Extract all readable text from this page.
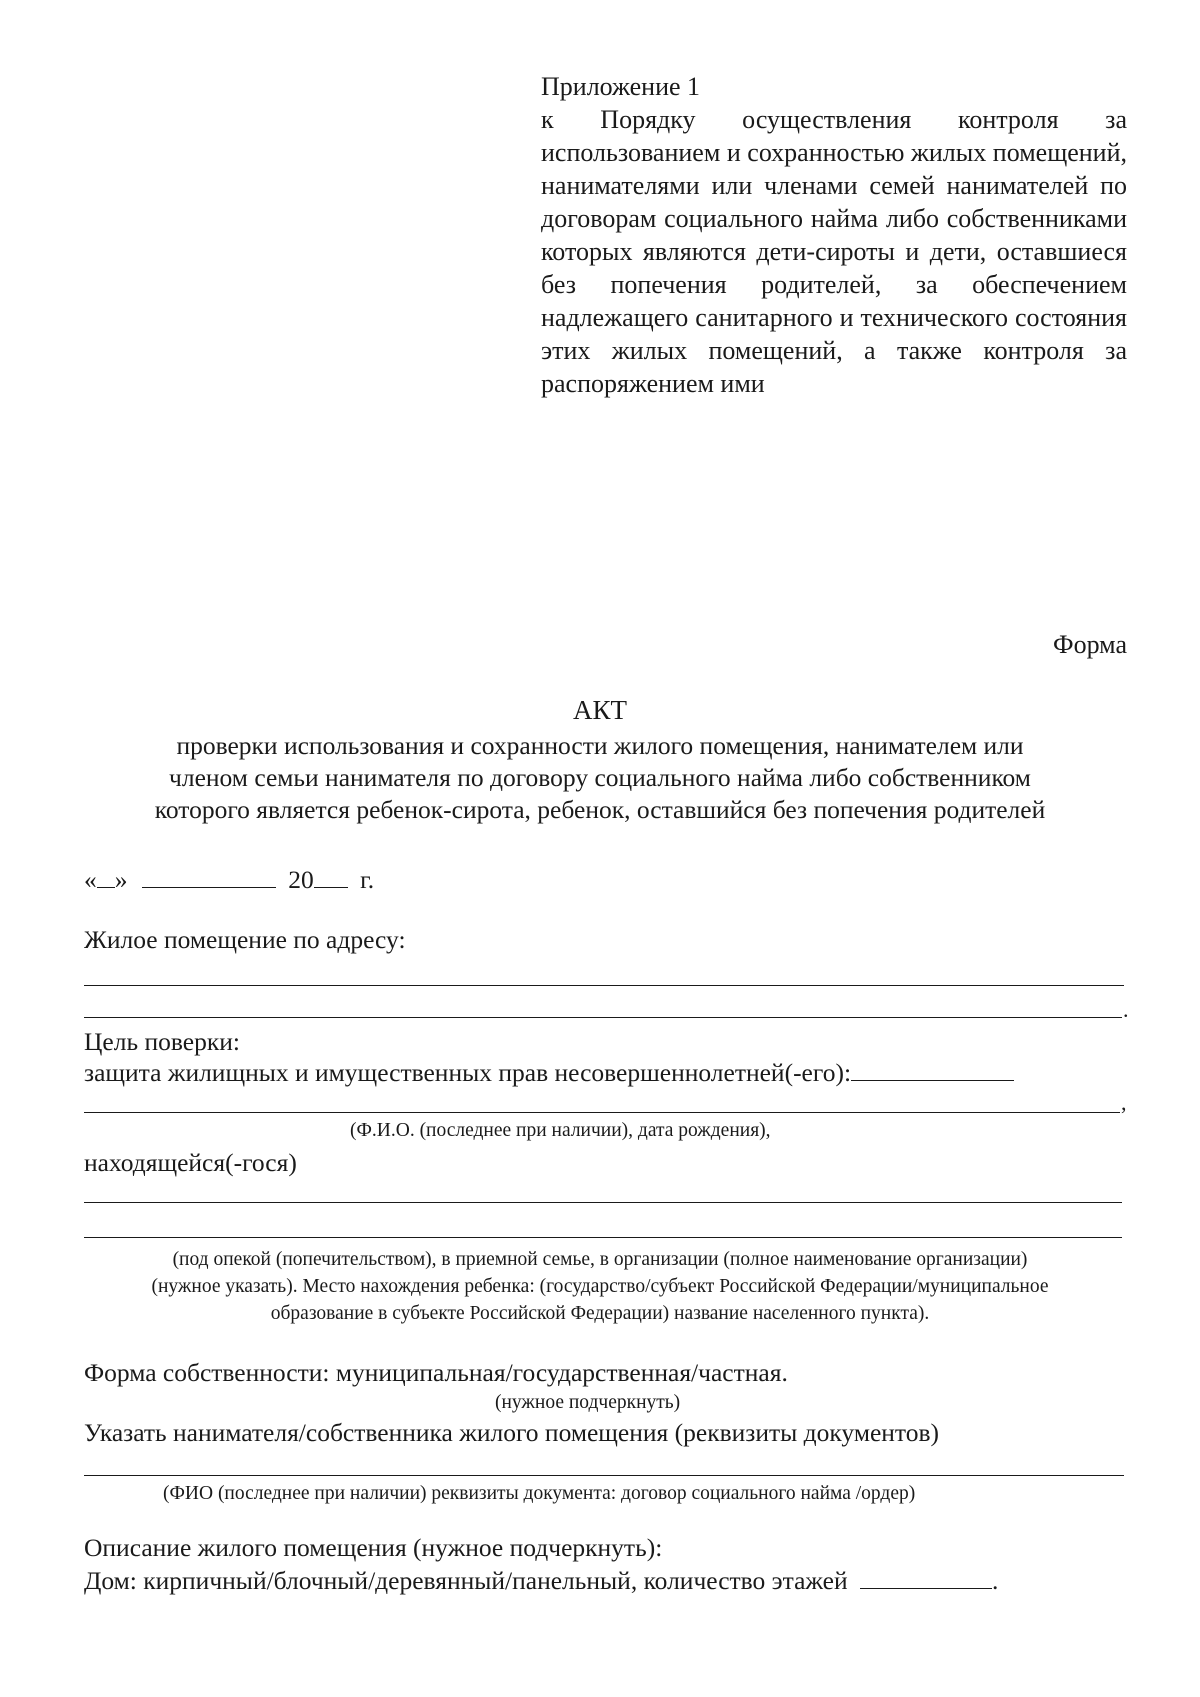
Приложение 1
к Порядку осуществления контроля за использованием и сохранностью жилых помещений, нанимателями или членами семей нанимателей по договорам социального найма либо собственниками которых являются дети-сироты и дети, оставшиеся без попечения родителей, за обеспечением надлежащего санитарного и технического состояния этих жилых помещений, а также контроля за распоряжением ими
Форма
АКТ
проверки использования и сохранности жилого помещения, нанимателем или
членом семьи нанимателя по договору социального найма либо собственником
которого является ребенок-сирота, ребенок, оставшийся без попечения родителей
« »	20 г.
Жилое помещение по адресу:
.
Цель поверки:
защита жилищных и имущественных прав несовершеннолетней(-его):
,
(Ф.И.О. (последнее при наличии), дата рождения),
находящейся(-гося)
(под опекой (попечительством), в приемной семье, в организации (полное наименование организации)
(нужное указать). Место нахождения ребенка: (государство/субъект Российской Федерации/муниципальное
образование в субъекте Российской Федерации) название населенного пункта).
Форма собственности: муниципальная/государственная/частная.
(нужное подчеркнуть)
Указать нанимателя/собственника жилого помещения (реквизиты документов)
(ФИО (последнее при наличии) реквизиты документа: договор социального найма /ордер)
Описание жилого помещения (нужное подчеркнуть):
Дом: кирпичный/блочный/деревянный/панельный, количество этажей	.
